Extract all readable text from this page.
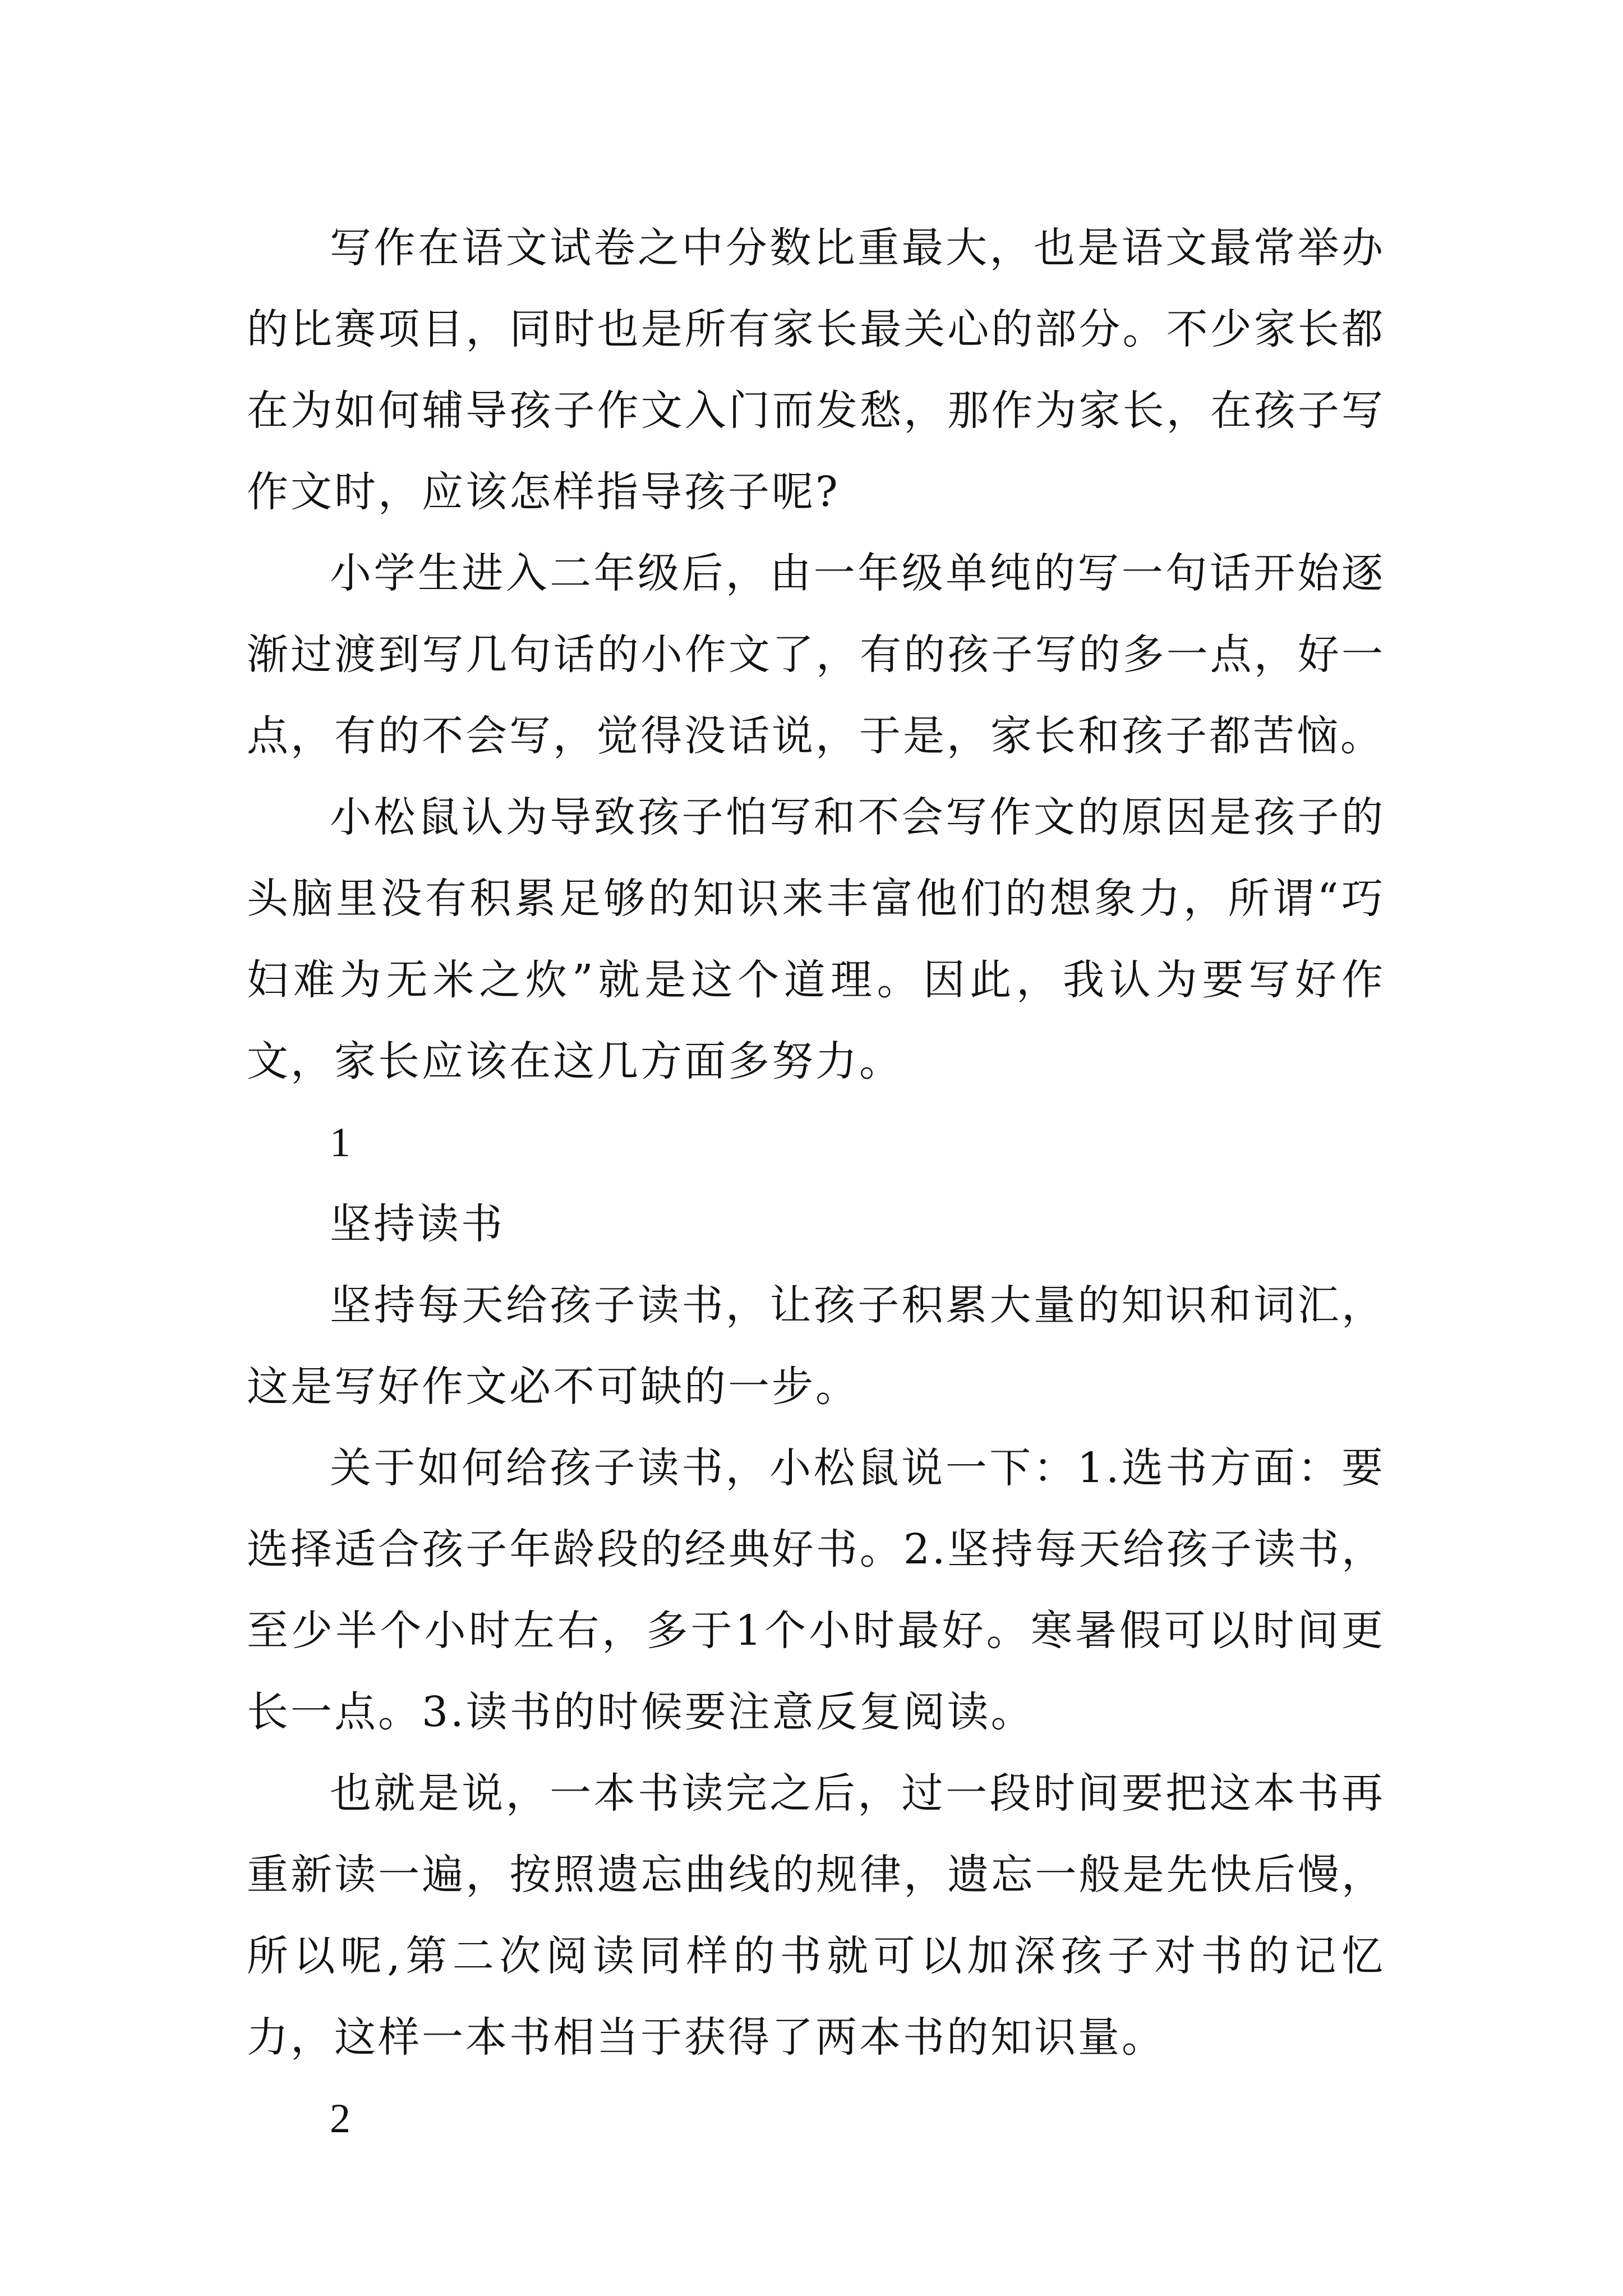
写作在语文试卷之中分数比重最大，也是语文最常举办的比赛项目，同时也是所有家长最关心的部分。不少家长都在为如何辅导孩子作文入门而发愁，那作为家长，在孩子写作文时，应该怎样指导孩子呢?

小学生进入二年级后，由一年级单纯的写一句话开始逐渐过渡到写几句话的小作文了，有的孩子写的多一点，好一点，有的不会写，觉得没话说，于是，家长和孩子都苦恼。

小松鼠认为导致孩子怕写和不会写作文的原因是孩子的头脑里没有积累足够的知识来丰富他们的想象力，所谓“巧妇难为无米之炊”就是这个道理。因此，我认为要写好作文，家长应该在这几方面多努力。

1

坚持读书

坚持每天给孩子读书，让孩子积累大量的知识和词汇，这是写好作文必不可缺的一步。

关于如何给孩子读书，小松鼠说一下：1.选书方面：要选择适合孩子年龄段的经典好书。2.坚持每天给孩子读书，至少半个小时左右，多于1个小时最好。寒暑假可以时间更长一点。3.读书的时候要注意反复阅读。

也就是说，一本书读完之后，过一段时间要把这本书再重新读一遍，按照遗忘曲线的规律，遗忘一般是先快后慢，所以呢,第二次阅读同样的书就可以加深孩子对书的记忆力，这样一本书相当于获得了两本书的知识量。

2
